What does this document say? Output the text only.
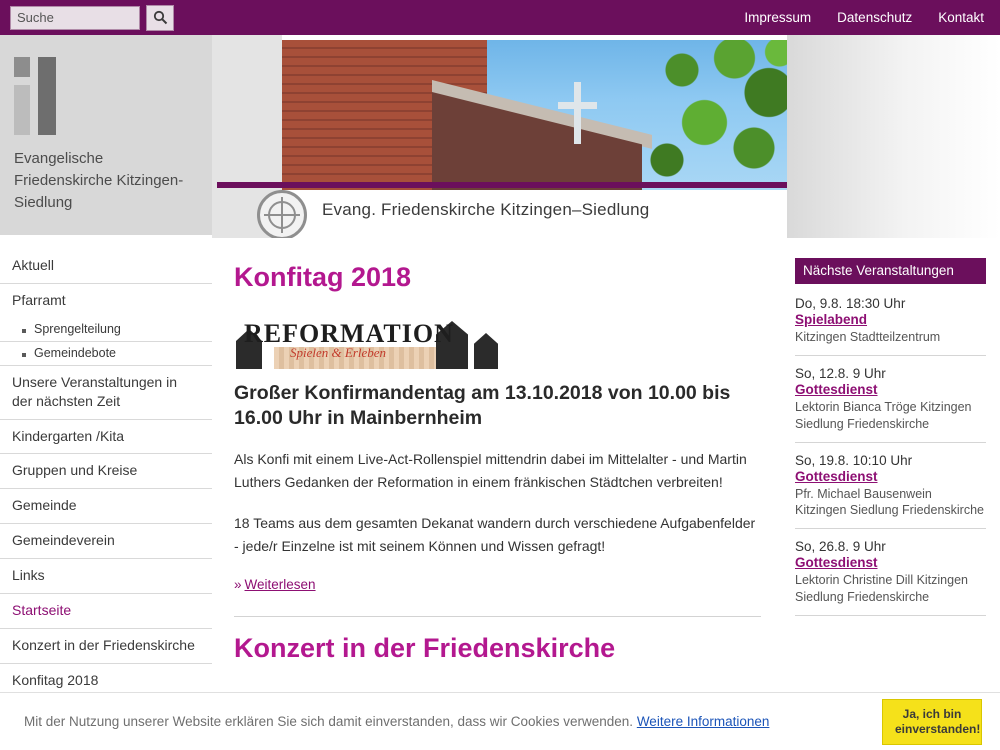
Suche
Impressum Datenschutz Kontakt
Evang. Friedenskirche Kitzingen–Siedlung
Evangelische Friedenskirche Kitzingen-Siedlung
Aktuell
Pfarramt
Sprengelteilung
Gemeindebote
Unsere Veranstaltungen in der nächsten Zeit
Kindergarten /Kita
Gruppen und Kreise
Gemeinde
Gemeindeverein
Links
Startseite
Konzert in der Friedenskirche
Konfitag 2018
Konfitag 2018
REFORMATION
Spielen & Erleben
Großer Konfirmandentag am 13.10.2018 von 10.00 bis 16.00 Uhr in Mainbernheim

Als Konfi mit einem Live-Act-Rollenspiel mittendrin dabei im Mittelalter - und Martin Luthers Gedanken der Reformation in einem fränkischen Städtchen verbreiten!

18 Teams aus dem gesamten Dekanat wandern durch verschiedene Aufgabenfelder - jede/r Einzelne ist mit seinem Können und Wissen gefragt!

» Weiterlesen
Konzert in der Friedenskirche
Nächste Veranstaltungen
Do, 9.8. 18:30 Uhr
Spielabend
Kitzingen Stadtteilzentrum
So, 12.8. 9 Uhr
Gottesdienst
Lektorin Bianca Tröge Kitzingen Siedlung Friedenskirche
So, 19.8. 10:10 Uhr
Gottesdienst
Pfr. Michael Bausenwein Kitzingen Siedlung Friedenskirche
So, 26.8. 9 Uhr
Gottesdienst
Lektorin Christine Dill Kitzingen Siedlung Friedenskirche
Mit der Nutzung unserer Website erklären Sie sich damit einverstanden, dass wir Cookies verwenden. Weitere Informationen
Ja, ich bin einverstanden!
